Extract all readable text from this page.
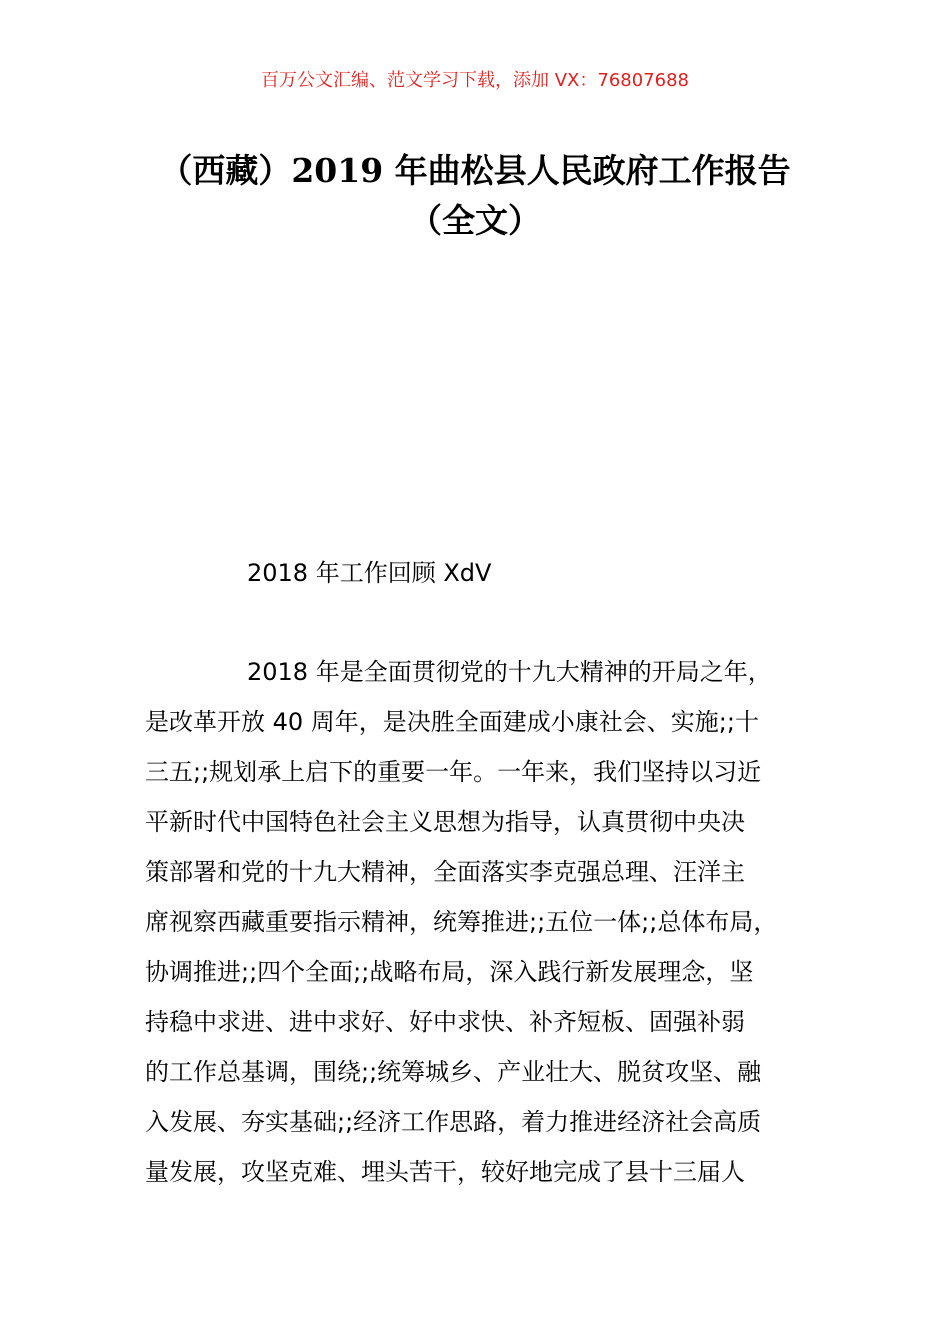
百万公文汇编、范文学习下载，添加 VX：76807688
（西藏）2019 年曲松县人民政府工作报告
（全文）
2018 年工作回顾 XdV
2018 年是全面贯彻党的十九大精神的开局之年，
是改革开放 40 周年，是决胜全面建成小康社会、实施;;十
三五;;规划承上启下的重要一年。一年来，我们坚持以习近
平新时代中国特色社会主义思想为指导，认真贯彻中央决
策部署和党的十九大精神，全面落实李克强总理、汪洋主
席视察西藏重要指示精神，统筹推进;;五位一体;;总体布局，
协调推进;;四个全面;;战略布局，深入践行新发展理念，坚
持稳中求进、进中求好、好中求快、补齐短板、固强补弱
的工作总基调，围绕;;统筹城乡、产业壮大、脱贫攻坚、融
入发展、夯实基础;;经济工作思路，着力推进经济社会高质
量发展，攻坚克难、埋头苦干，较好地完成了县十三届人
